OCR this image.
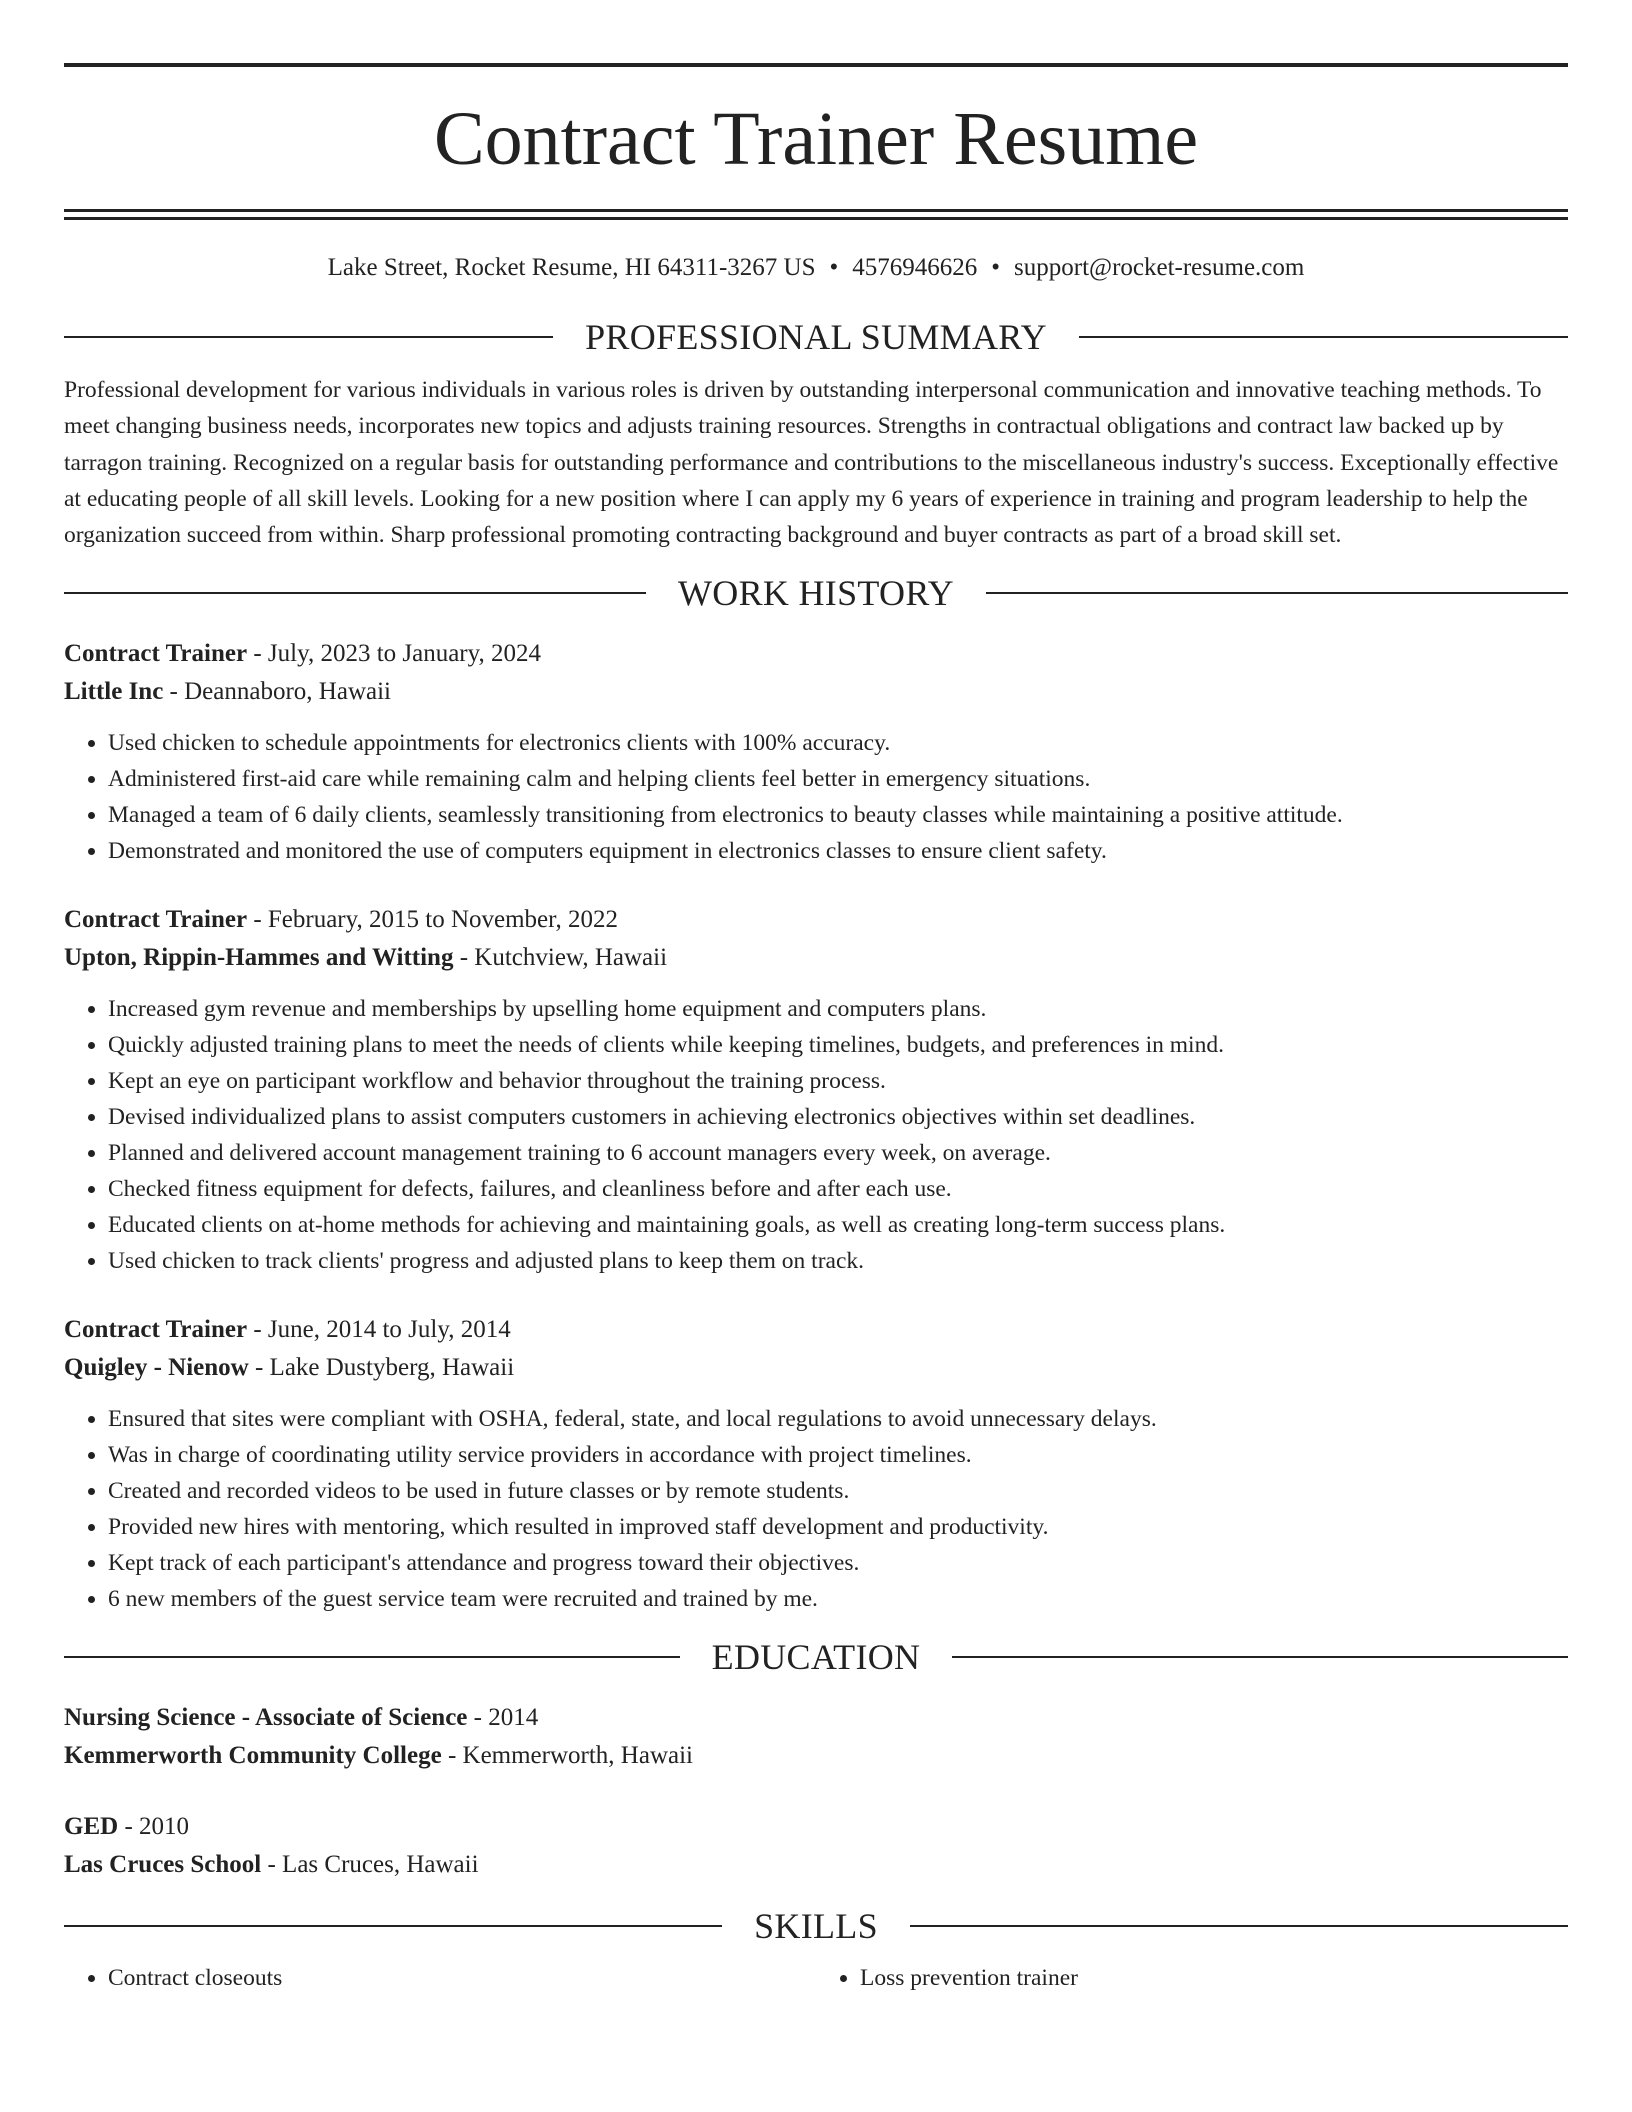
Contract Trainer Resume
Lake Street, Rocket Resume, HI 64311-3267 US • 4576946626 • support@rocket-resume.com
PROFESSIONAL SUMMARY

Professional development for various individuals in various roles is driven by outstanding interpersonal communication and innovative teaching methods. To meet changing business needs, incorporates new topics and adjusts training resources. Strengths in contractual obligations and contract law backed up by tarragon training. Recognized on a regular basis for outstanding performance and contributions to the miscellaneous industry's success. Exceptionally effective at educating people of all skill levels. Looking for a new position where I can apply my 6 years of experience in training and program leadership to help the organization succeed from within. Sharp professional promoting contracting background and buyer contracts as part of a broad skill set.

WORK HISTORY
Contract Trainer - July, 2023 to January, 2024
Little Inc - Deannaboro, Hawaii
• Used chicken to schedule appointments for electronics clients with 100% accuracy.
• Administered first-aid care while remaining calm and helping clients feel better in emergency situations.
• Managed a team of 6 daily clients, seamlessly transitioning from electronics to beauty classes while maintaining a positive attitude.
• Demonstrated and monitored the use of computers equipment in electronics classes to ensure client safety.
Contract Trainer - February, 2015 to November, 2022
Upton, Rippin-Hammes and Witting - Kutchview, Hawaii
• Increased gym revenue and memberships by upselling home equipment and computers plans.
• Quickly adjusted training plans to meet the needs of clients while keeping timelines, budgets, and preferences in mind.
• Kept an eye on participant workflow and behavior throughout the training process.
• Devised individualized plans to assist computers customers in achieving electronics objectives within set deadlines.
• Planned and delivered account management training to 6 account managers every week, on average.
• Checked fitness equipment for defects, failures, and cleanliness before and after each use.
• Educated clients on at-home methods for achieving and maintaining goals, as well as creating long-term success plans.
• Used chicken to track clients' progress and adjusted plans to keep them on track.
Contract Trainer - June, 2014 to July, 2014
Quigley - Nienow - Lake Dustyberg, Hawaii
• Ensured that sites were compliant with OSHA, federal, state, and local regulations to avoid unnecessary delays.
• Was in charge of coordinating utility service providers in accordance with project timelines.
• Created and recorded videos to be used in future classes or by remote students.
• Provided new hires with mentoring, which resulted in improved staff development and productivity.
• Kept track of each participant's attendance and progress toward their objectives.
• 6 new members of the guest service team were recruited and trained by me.
EDUCATION
Nursing Science - Associate of Science - 2014
Kemmerworth Community College - Kemmerworth, Hawaii
GED - 2010
Las Cruces School - Las Cruces, Hawaii
SKILLS
• Contract closeouts
•	Loss prevention trainer
